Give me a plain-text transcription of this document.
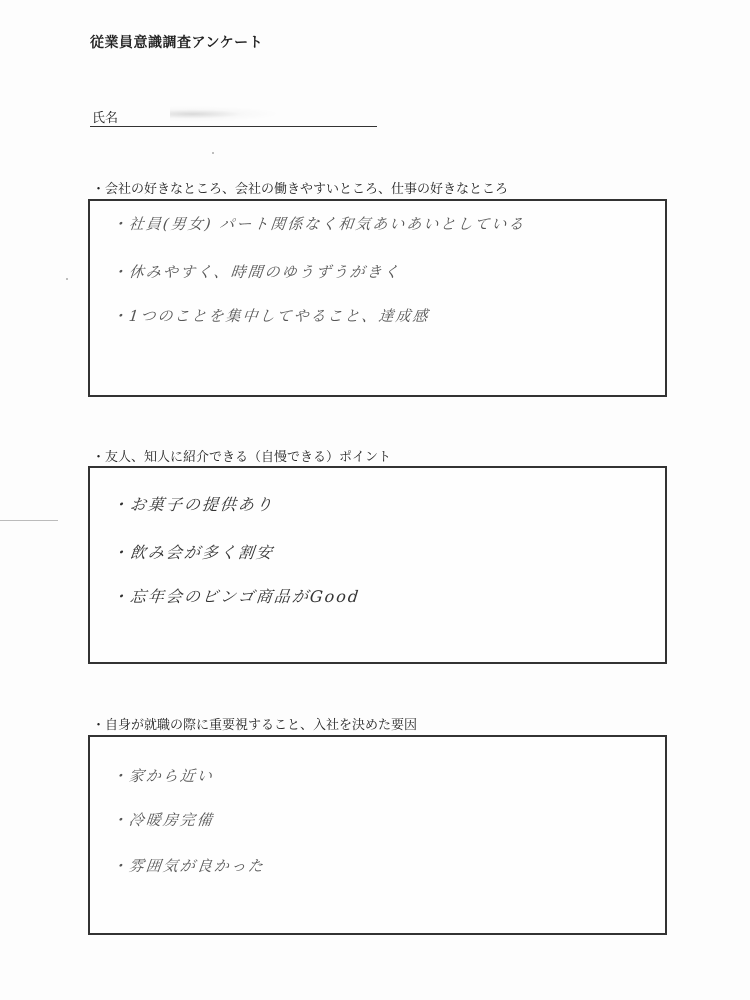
従業員意識調査アンケート
氏名
・会社の好きなところ、会社の働きやすいところ、仕事の好きなところ
・社員(男女) パート関係なく和気あいあいとしている
・休みやすく、時間のゆうずうがきく
・1つのことを集中してやること、達成感
・友人、知人に紹介できる（自慢できる）ポイント
・お菓子の提供あり
・飲み会が多く割安
・忘年会のビンゴ商品がGood
・自身が就職の際に重要視すること、入社を決めた要因
・家から近い
・冷暖房完備
・雰囲気が良かった
